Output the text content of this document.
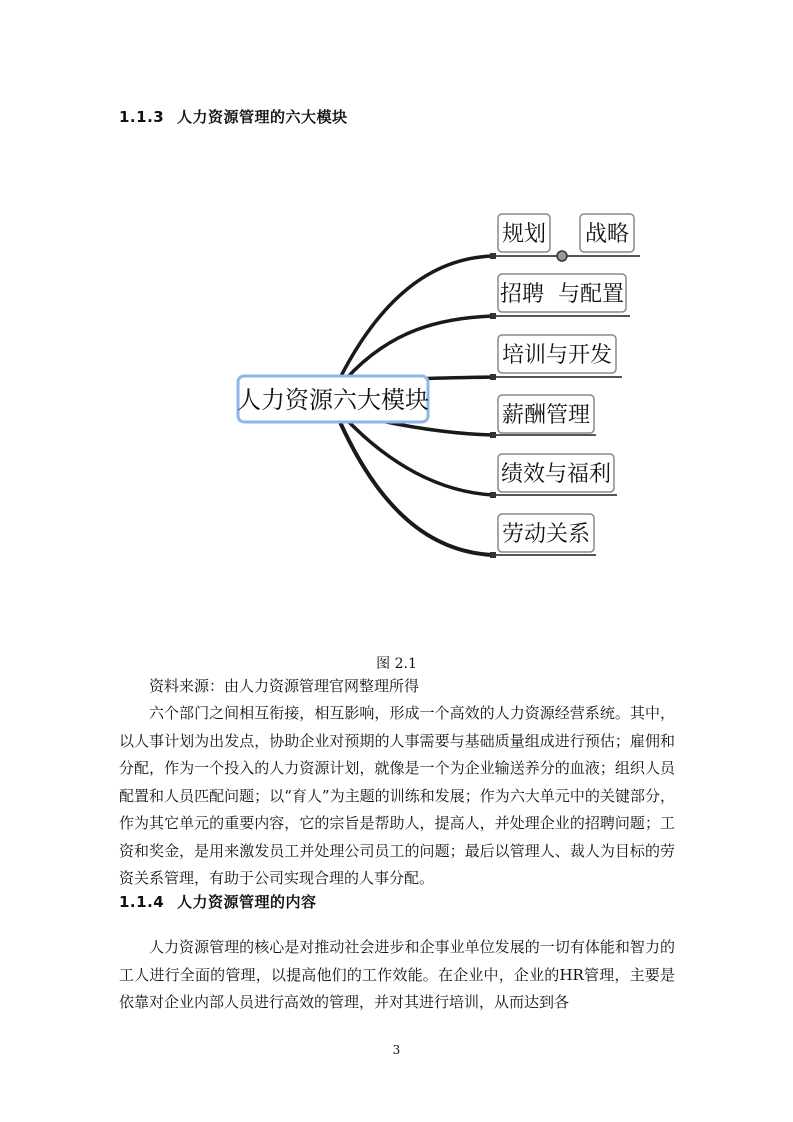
1.1.3 人力资源管理的六大模块
人力资源六大模块
规划 战略
招聘  与配置
培训与开发
薪酬管理
绩效与福利
劳动关系
图 2.1

资料来源：由人力资源管理官网整理所得

六个部门之间相互衔接，相互影响，形成一个高效的人力资源经营系统。其中，以人事计划为出发点，协助企业对预期的人事需要与基础质量组成进行预估；雇佣和分配，作为一个投入的人力资源计划，就像是一个为企业输送养分的血液；组织人员配置和人员匹配问题；以“育人”为主题的训练和发展；作为六大单元中的关键部分，作为其它单元的重要内容，它的宗旨是帮助人，提高人，并处理企业的招聘问题；工资和奖金，是用来激发员工并处理公司员工的问题；最后以管理人、裁人为目标的劳资关系管理，有助于公司实现合理的人事分配。

1.1.4 人力资源管理的内容

人力资源管理的核心是对推动社会进步和企事业单位发展的一切有体能和智力的工人进行全面的管理，以提高他们的工作效能。在企业中，企业的HR管理，主要是依靠对企业内部人员进行高效的管理，并对其进行培训，从而达到各

3
